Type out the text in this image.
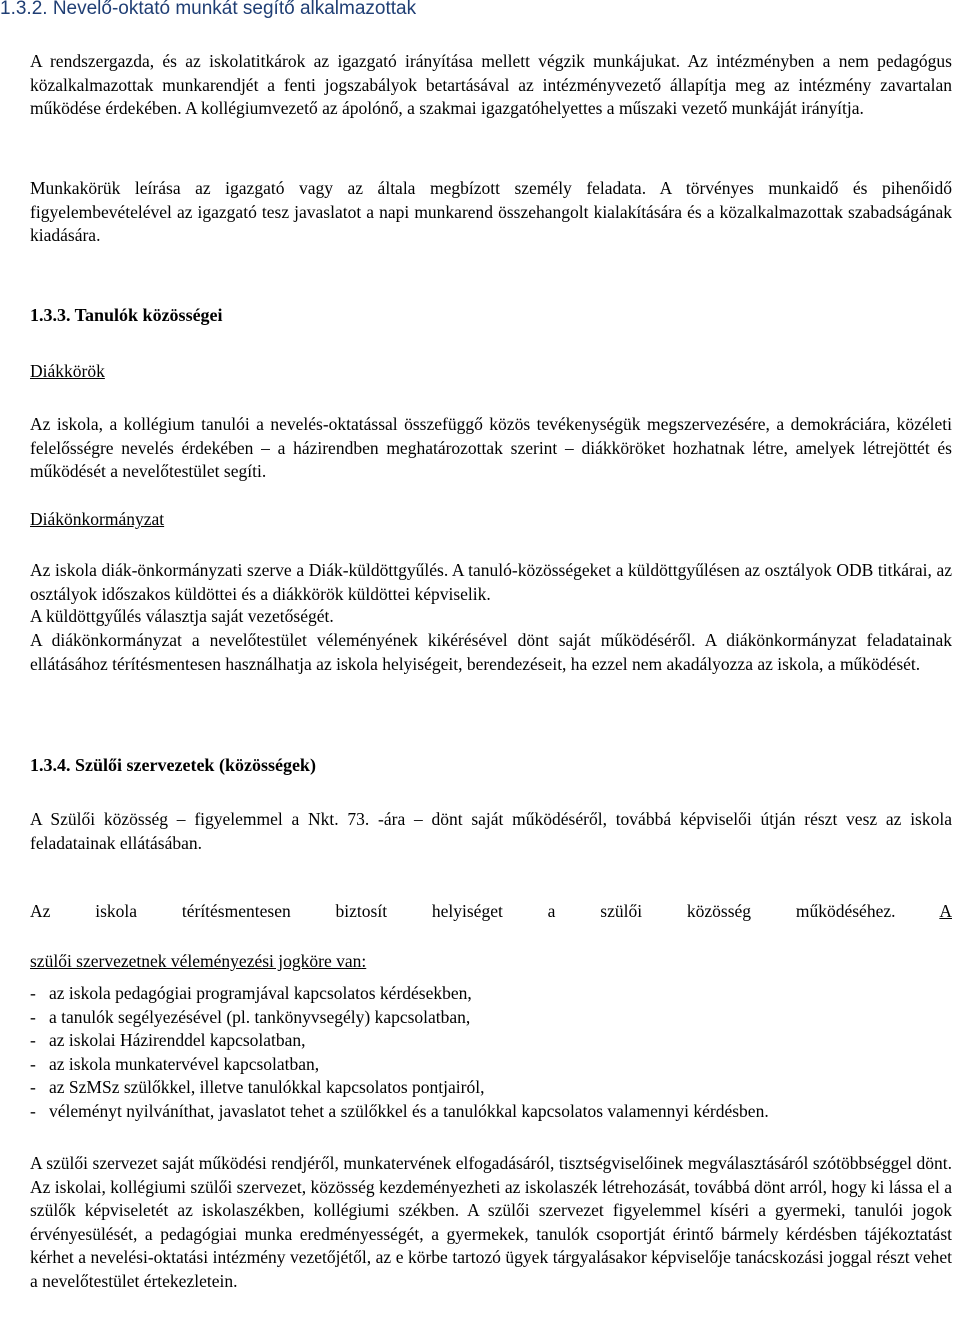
1.3.2. Nevelő-oktató munkát segítő alkalmazottak

A rendszergazda, és az iskolatitkárok az igazgató irányítása mellett végzik munkájukat. Az intézményben a nem pedagógus közalkalmazottak munkarendjét a fenti jogszabályok betartásával az intézményvezető állapítja meg az intézmény zavartalan működése érdekében. A kollégiumvezető az ápolónő, a szakmai igazgatóhelyettes a műszaki vezető munkáját irányítja.

Munkakörük leírása az igazgató vagy az általa megbízott személy feladata. A törvényes munkaidő és pihenőidő figyelembevételével az igazgató tesz javaslatot a napi munkarend összehangolt kialakítására és a közalkalmazottak szabadságának kiadására.

1.3.3. Tanulók közösségei
Diákkörök

Az iskola, a kollégium tanulói a nevelés-oktatással összefüggő közös tevékenységük megszervezésére, a demokráciára, közéleti felelősségre nevelés érdekében – a házirendben meghatározottak szerint – diákköröket hozhatnak létre, amelyek létrejöttét és működését a nevelőtestület segíti.

Diákönkormányzat

Az iskola diák-önkormányzati szerve a Diák-küldöttgyűlés. A tanuló-közösségeket a küldöttgyűlésen az osztályok ODB titkárai, az osztályok időszakos küldöttei és a diákkörök küldöttei képviselik.

A küldöttgyűlés választja saját vezetőségét.

A diákönkormányzat a nevelőtestület véleményének kikérésével dönt saját működéséről. A diákönkormányzat feladatainak ellátásához térítésmentesen használhatja az iskola helyiségeit, berendezéseit, ha ezzel nem akadályozza az iskola, a működését.

1.3.4. Szülői szervezetek (közösségek)

A Szülői közösség – figyelemmel a Nkt. 73. -ára – dönt saját működéséről, továbbá képviselői útján részt vesz az iskola feladatainak ellátásában.

Az iskola térítésmentesen biztosít helyiséget a szülői közösség működéséhez.	A
szülői szervezetnek véleményezési jogköre van:
- az iskola pedagógiai programjával kapcsolatos kérdésekben,
- a tanulók segélyezésével (pl. tankönyvsegély) kapcsolatban,
- az iskolai Házirenddel kapcsolatban,
- az iskola munkatervével kapcsolatban,
- az SzMSz szülőkkel, illetve tanulókkal kapcsolatos pontjairól,
- véleményt nyilváníthat, javaslatot tehet a szülőkkel és a tanulókkal kapcsolatos valamennyi kérdésben.

A szülői szervezet saját működési rendjéről, munkatervének elfogadásáról, tisztségviselőinek megválasztásáról szótöbbséggel dönt. Az iskolai, kollégiumi szülői szervezet, közösség kezdeményezheti az iskolaszék létrehozását, továbbá dönt arról, hogy ki lássa el a szülők képviseletét az iskolaszékben, kollégiumi székben. A szülői szervezet figyelemmel kíséri a gyermeki, tanulói jogok érvényesülését, a pedagógiai munka eredményességét, a gyermekek, tanulók csoportját érintő bármely kérdésben tájékoztatást kérhet a nevelési-oktatási intézmény vezetőjétől, az e körbe tartozó ügyek tárgyalásakor képviselője tanácskozási joggal részt vehet a nevelőtestület értekezletein.
